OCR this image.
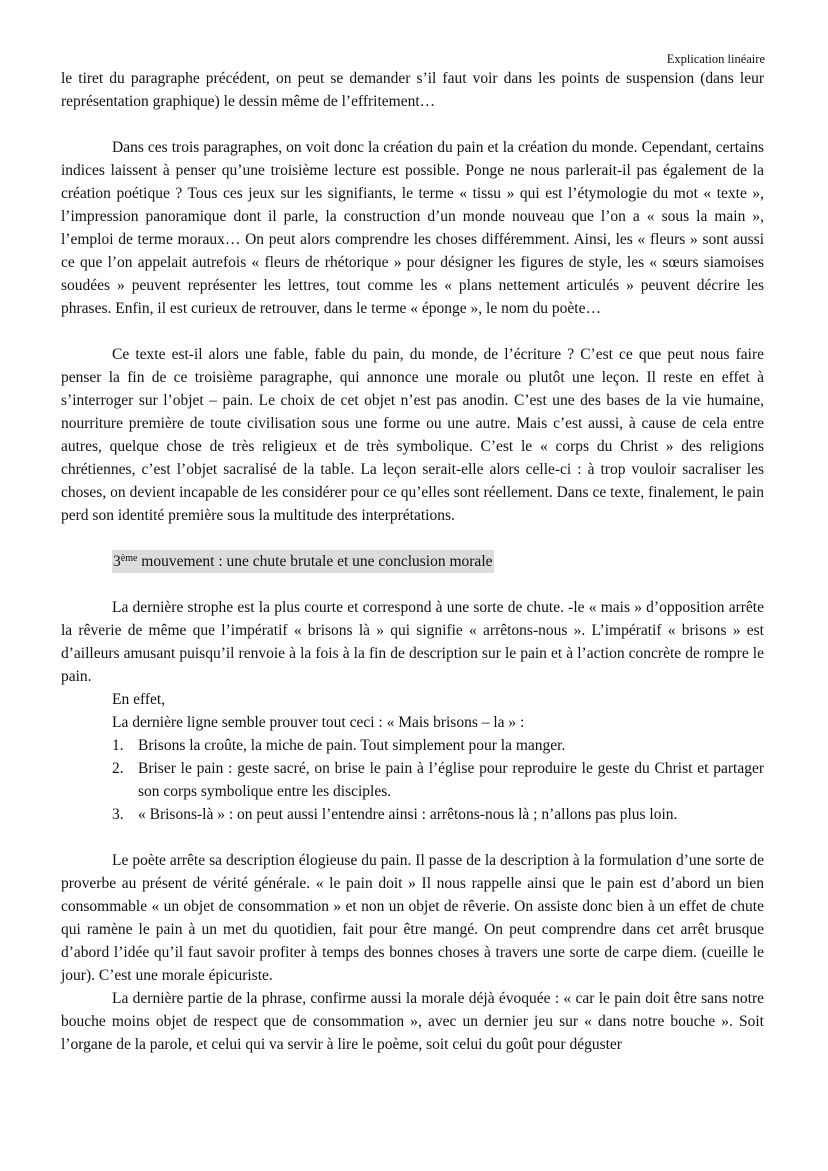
Explication linéaire

le tiret du paragraphe précédent, on peut se demander s’il faut voir dans les points de suspension (dans leur représentation graphique) le dessin même de l’effritement…

Dans ces trois paragraphes, on voit donc la création du pain et la création du monde. Cependant, certains indices laissent à penser qu’une troisième lecture est possible. Ponge ne nous parlerait-il pas également de la création poétique ? Tous ces jeux sur les signifiants, le terme « tissu » qui est l’étymologie du mot « texte », l’impression panoramique dont il parle, la construction d’un monde nouveau que l’on a « sous la main », l’emploi de terme moraux… On peut alors comprendre les choses différemment. Ainsi, les « fleurs » sont aussi ce que l’on appelait autrefois « fleurs de rhétorique » pour désigner les figures de style, les « sœurs siamoises soudées » peuvent représenter les lettres, tout comme les « plans nettement articulés » peuvent décrire les phrases. Enfin, il est curieux de retrouver, dans le terme « éponge », le nom du poète…

Ce texte est-il alors une fable, fable du pain, du monde, de l’écriture ? C’est ce que peut nous faire penser la fin de ce troisième paragraphe, qui annonce une morale ou plutôt une leçon. Il reste en effet à s’interroger sur l’objet – pain. Le choix de cet objet n’est pas anodin. C’est une des bases de la vie humaine, nourriture première de toute civilisation sous une forme ou une autre. Mais c’est aussi, à cause de cela entre autres, quelque chose de très religieux et de très symbolique. C’est le « corps du Christ » des religions chrétiennes, c’est l’objet sacralisé de la table. La leçon serait-elle alors celle-ci : à trop vouloir sacraliser les choses, on devient incapable de les considérer pour ce qu’elles sont réellement. Dans ce texte, finalement, le pain perd son identité première sous la multitude des interprétations.

3ème mouvement : une chute brutale et une conclusion morale

La dernière strophe est la plus courte et correspond à une sorte de chute. -le « mais » d’opposition arrête la rêverie de même que l’impératif « brisons là » qui signifie « arrêtons-nous ». L’impératif « brisons » est d’ailleurs amusant puisqu’il renvoie à la fois à la fin de description sur le pain et à l’action concrète de rompre le pain.

En effet,

La dernière ligne semble prouver tout ceci : « Mais brisons – la » :

1. Brisons la croûte, la miche de pain. Tout simplement pour la manger.
2. Briser le pain : geste sacré, on brise le pain à l’église pour reproduire le geste du Christ et partager son corps symbolique entre les disciples.
3. « Brisons-là » : on peut aussi l’entendre ainsi : arrêtons-nous là ; n’allons pas plus loin.

Le poète arrête sa description élogieuse du pain. Il passe de la description à la formulation d’une sorte de proverbe au présent de vérité générale. « le pain doit » Il nous rappelle ainsi que le pain est d’abord un bien consommable « un objet de consommation » et non un objet de rêverie. On assiste donc bien à un effet de chute qui ramène le pain à un met du quotidien, fait pour être mangé. On peut comprendre dans cet arrêt brusque d’abord l’idée qu’il faut savoir profiter à temps des bonnes choses à travers une sorte de carpe diem. (cueille le jour). C’est une morale épicuriste.

La dernière partie de la phrase, confirme aussi la morale déjà évoquée : « car le pain doit être sans notre bouche moins objet de respect que de consommation », avec un dernier jeu sur « dans notre bouche ». Soit l’organe de la parole, et celui qui va servir à lire le poème, soit celui du goût pour déguster
